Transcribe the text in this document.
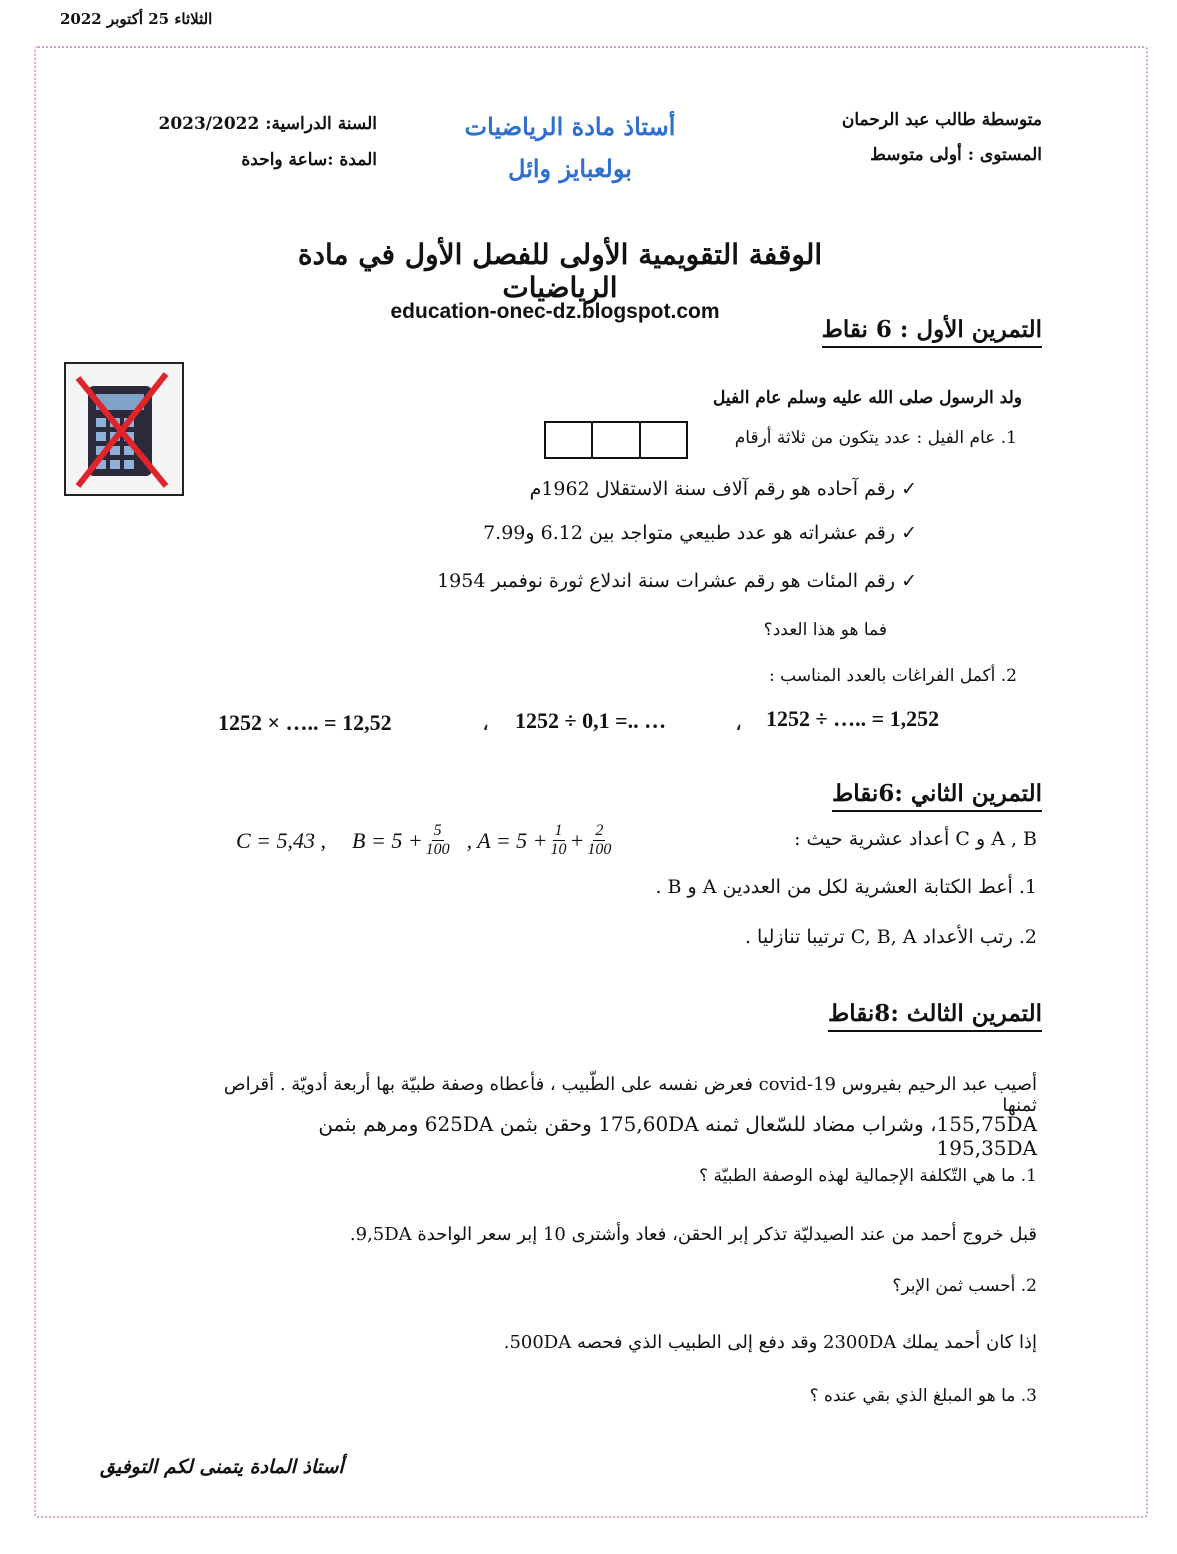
الثلاثاء 25 أكتوبر 2022
متوسطة طالب عبد الرحمان
المستوى : أولى متوسط
أستاذ مادة الرياضيات
بولعبايز وائل
السنة الدراسية: 2023/2022
المدة :ساعة واحدة
الوقفة التقويمية الأولى للفصل الأول في مادة الرياضيات
education-onec-dz.blogspot.com
التمرين الأول : 6 نقاط
ولد الرسول صلى الله عليه وسلم عام الفيل
1. عام الفيل : عدد يتكون من ثلاثة أرقام
✓ رقم آحاده هو رقم آلاف سنة الاستقلال 1962م
✓ رقم عشراته هو عدد طبيعي متواجد بين 6.12 و7.99
✓ رقم المئات هو رقم عشرات سنة اندلاع ثورة نوفمبر 1954
فما هو هذا العدد؟
2. أكمل الفراغات بالعدد المناسب :
1252 ÷ ….. = 1,252
،
1252 ÷ 0,1 =.. …
،
1252 × ….. = 12,52
التمرين الثاني :6نقاط
A , B و C أعداد عشرية حيث :
C = 5,43 , $B = 5 + \frac{5}{100}$ , $A = 5 + \frac{1}{10} + \frac{2}{100}$
1. أعط الكتابة العشرية لكل من العددين A و B .
2. رتب الأعداد C, B, A ترتيبا تنازليا .
التمرين الثالث :8نقاط
أصيب عبد الرحيم بفيروس covid-19 فعرض نفسه على الطّبيب ، فأعطاه وصفة طبيّة بها أربعة أدويّة . أقراص ثمنها
155,75DA، وشراب مضاد للسّعال ثمنه 175,60DA وحقن بثمن 625DA ومرهم بثمن 195,35DA
1. ما هي التّكلفة الإجمالية لهذه الوصفة الطبيّة ؟
قبل خروج أحمد من عند الصيدليّة تذكر إبر الحقن، فعاد وأشترى 10 إبر سعر الواحدة 9,5DA.
2. أحسب ثمن الإبر؟
إذا كان أحمد يملك 2300DA وقد دفع إلى الطبيب الذي فحصه 500DA.
3. ما هو المبلغ الذي بقي عنده ؟
أستاذ المادة يتمنى لكم التوفيق
